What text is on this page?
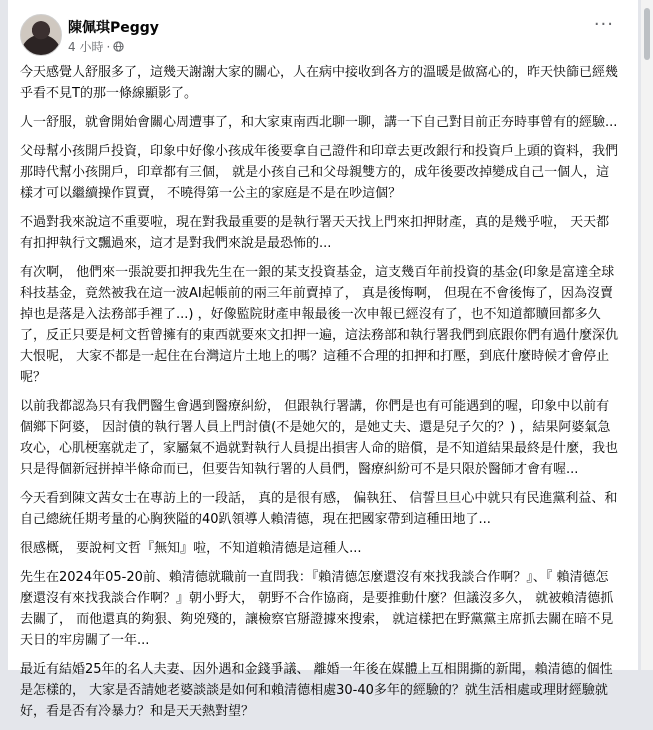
陳佩琪Peggy
4 小時 ·
···

今天感覺人舒服多了，這幾天謝謝大家的關心，人在病中接收到各方的溫暖是做窩心的，昨天快篩已經幾乎看不見T的那一條線顯影了。

人一舒服，就會開始會關心周遭事了，和大家東南西北聊一聊，講一下自己對目前正夯時事曾有的經驗...

父母幫小孩開戶投資，印象中好像小孩成年後要拿自己證件和印章去更改銀行和投資戶上頭的資料，我們那時代幫小孩開戶，印章都有三個， 就是小孩自己和父母親雙方的，成年後要改掉變成自己一個人，這樣才可以繼續操作買賣， 不曉得第一公主的家庭是不是在吵這個？

不過對我來說這不重要啦，現在對我最重要的是執行署天天找上門來扣押財產，真的是幾乎啦， 天天都有扣押執行文飄過來，這才是對我們來說是最恐怖的...

有次啊， 他們來一張說要扣押我先生在一銀的某支投資基金，這支幾百年前投資的基金(印象是富達全球科技基金，竟然被我在這一波AI起帳前的兩三年前賣掉了， 真是後悔啊， 但現在不會後悔了，因為沒賣掉也是落是入法務部手裡了...) ，好像監院財產申報最後一次申報已經沒有了，也不知道都贖回都多久了，反正只要是柯文哲曾擁有的東西就要來文扣押一遍，這法務部和執行署我們到底跟你們有過什麼深仇大恨呢， 大家不都是一起住在台灣這片土地上的嗎？這種不合理的扣押和打壓，到底什麼時候才會停止呢？

以前我都認為只有我們醫生會遇到醫療糾紛， 但跟執行署講，你們是也有可能遇到的喔，印象中以前有個鄉下阿婆， 因討債的執行署人員上門討債(不是她欠的，是她丈夫、還是兒子欠的？) ，結果阿婆氣急攻心，心肌梗塞就走了，家屬氣不過就對執行人員提出損害人命的賠償，是不知道結果最終是什麼，我也只是得個新冠拼掉半條命而已，但要告知執行署的人員們，醫療糾紛可不是只限於醫師才會有喔...

今天看到陳文茜女士在專訪上的一段話， 真的是很有感， 偏執狂、 信誓旦旦心中就只有民進黨利益、和自己總統任期考量的心胸狹隘的40趴領導人賴清德，現在把國家帶到這種田地了...

很感概， 要說柯文哲『無知』啦，不知道賴清德是這種人...

先生在2024年05-20前、賴清德就職前一直問我：『賴清德怎麼還沒有來找我談合作啊？』、『 賴清德怎麼還沒有來找我談合作啊？』朝小野大， 朝野不合作協商，是要推動什麼？但議沒多久， 就被賴清德抓去關了， 而他還真的夠狠、夠兇殘的，讓檢察官掰證據來搜索， 就這樣把在野黨黨主席抓去關在暗不見天日的牢房關了一年...

最近有結婚25年的名人夫妻、因外遇和金錢爭議、 離婚一年後在媒體上互相開撕的新聞，賴清德的個性是怎樣的， 大家是否請她老婆談談是如何和賴清德相處30-40多年的經驗的？就生活相處或理財經驗就好，看是否有冷暴力？和是天天熱對望？
